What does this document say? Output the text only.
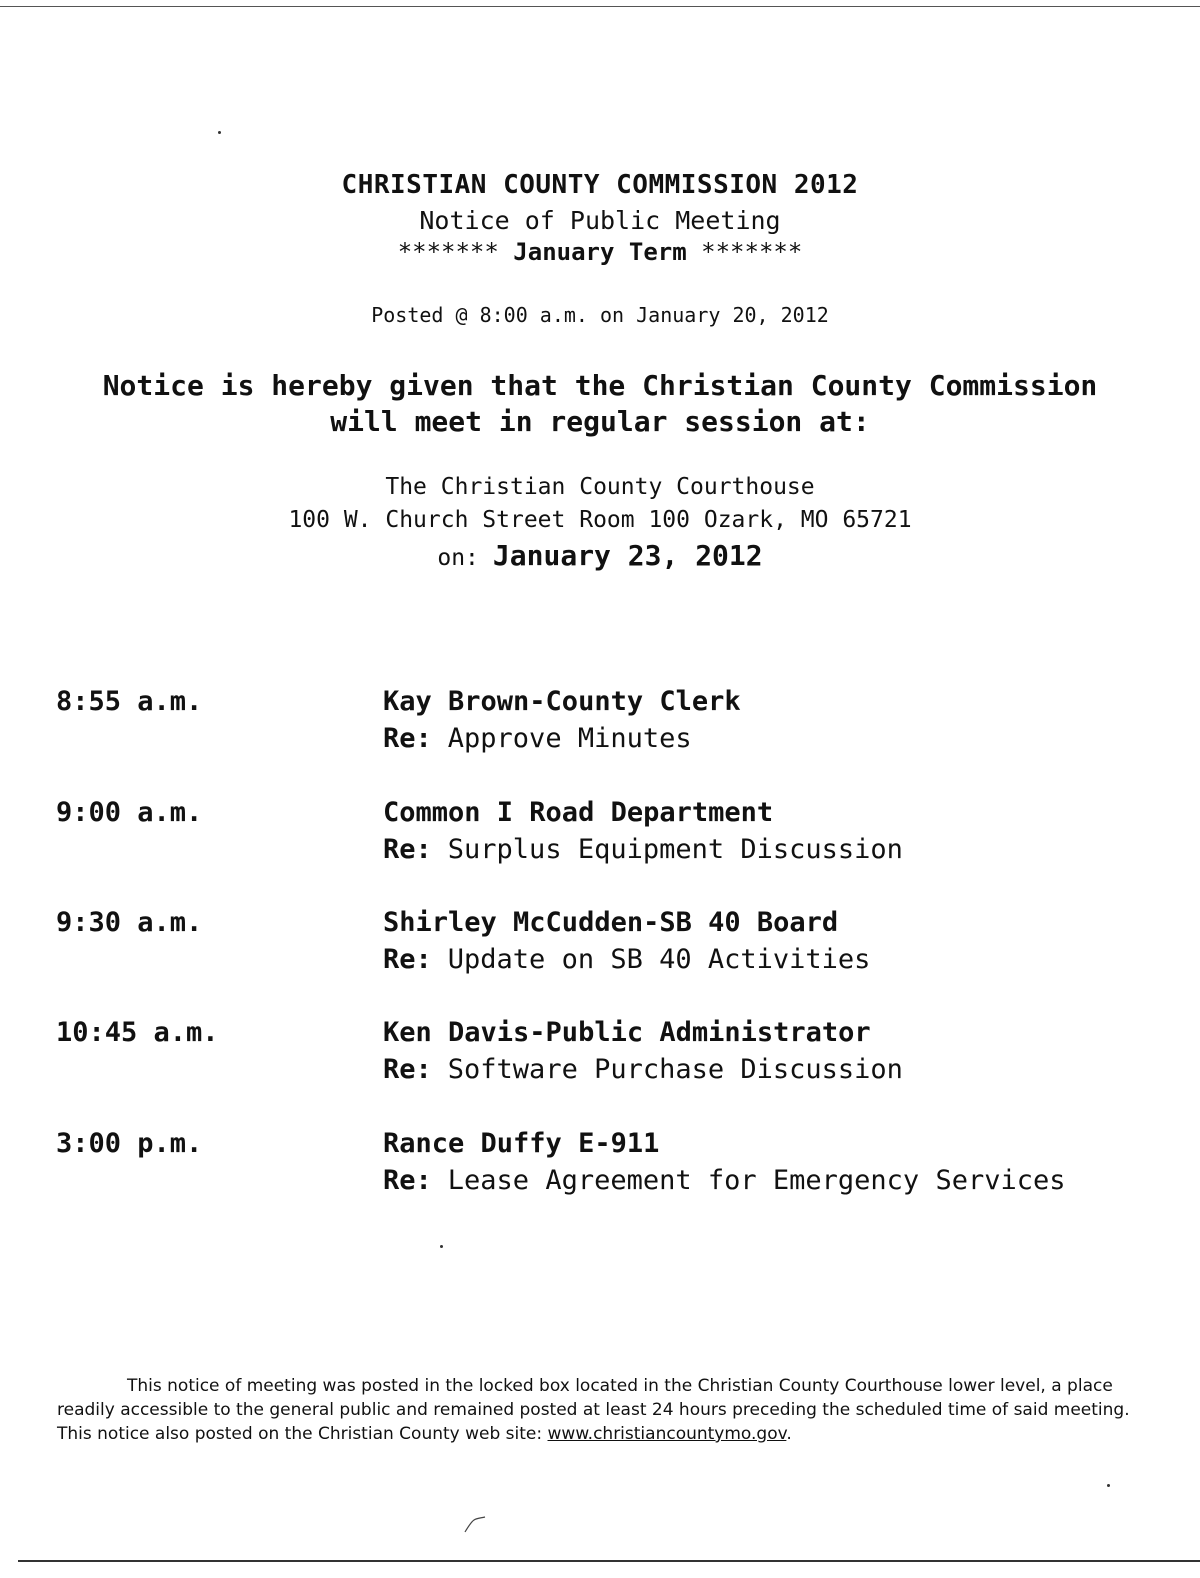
CHRISTIAN COUNTY COMMISSION 2012
Notice of Public Meeting
******* January Term *******
Posted @ 8:00 a.m. on January 20, 2012
Notice is hereby given that the Christian County Commission
will meet in regular session at:
The Christian County Courthouse
100 W. Church Street Room 100 Ozark, MO 65721
on: January 23, 2012
8:55 a.m.	Kay Brown-County Clerk
Re: Approve Minutes
9:00 a.m.	Common I Road Department
Re: Surplus Equipment Discussion
9:30 a.m.	Shirley McCudden-SB 40 Board
Re: Update on SB 40 Activities
10:45 a.m.	Ken Davis-Public Administrator
Re: Software Purchase Discussion
3:00 p.m.	Rance Duffy E-911
Re: Lease Agreement for Emergency Services
This notice of meeting was posted in the locked box located in the Christian County Courthouse lower level, a place readily accessible to the general public and remained posted at least 24 hours preceding the scheduled time of said meeting. This notice also posted on the Christian County web site: www.christiancountymo.gov.
